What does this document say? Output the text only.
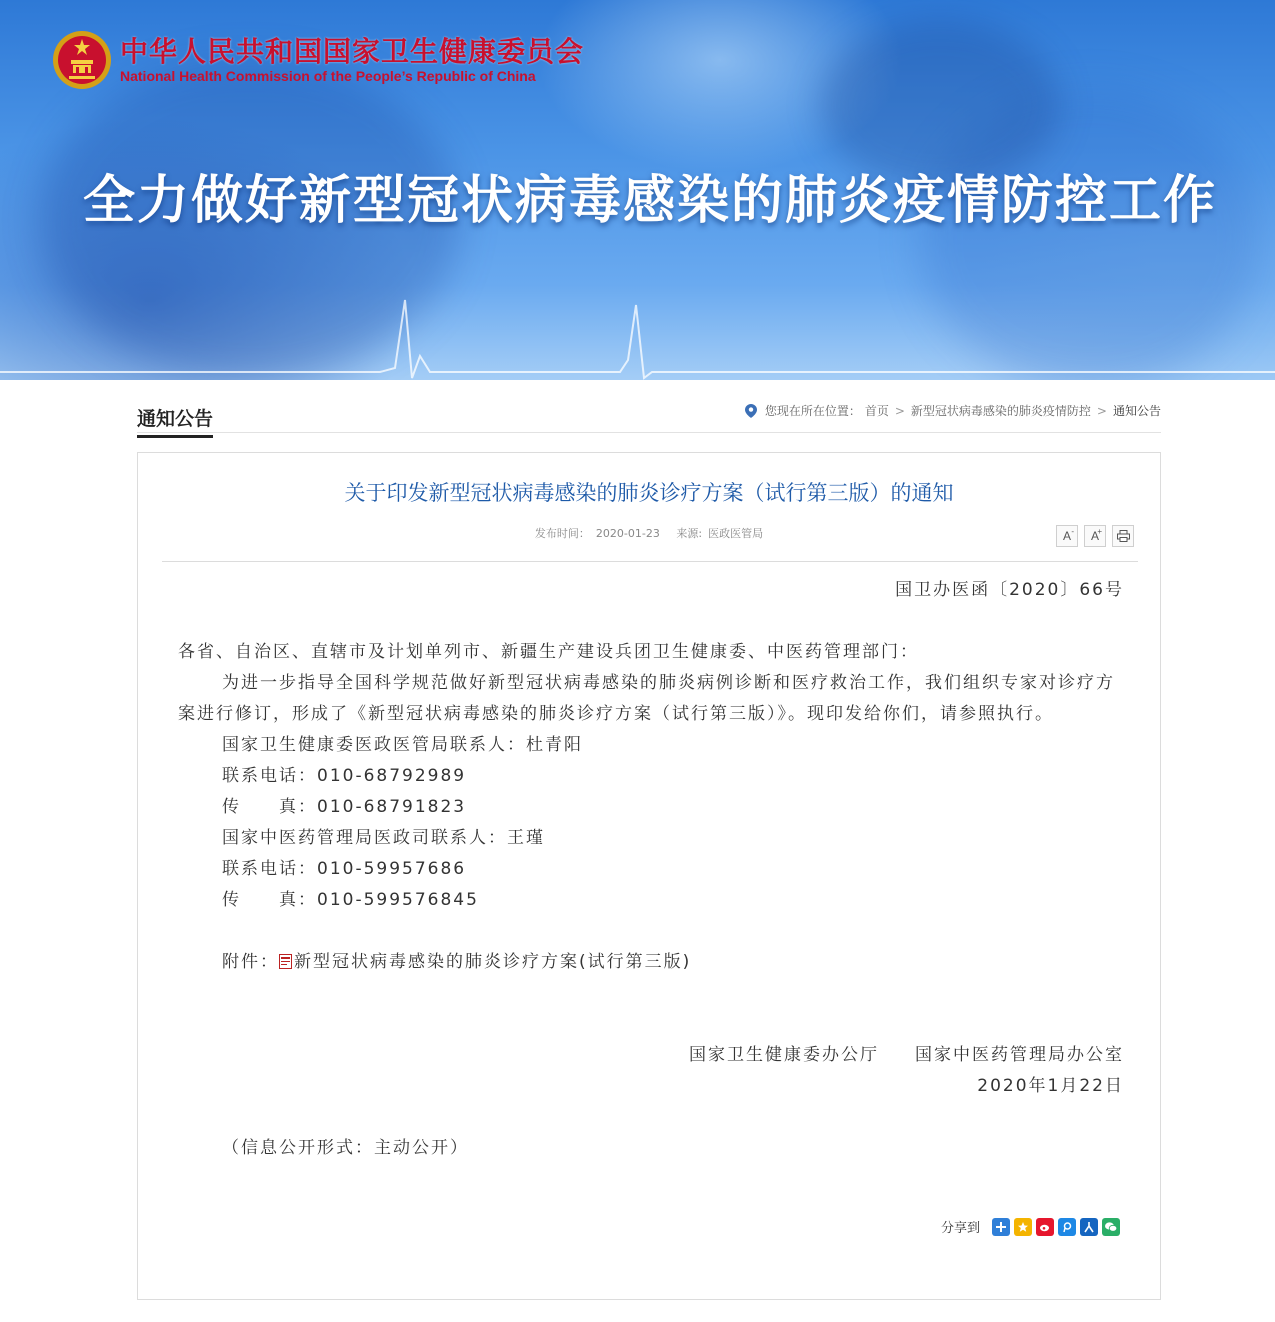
中华人民共和国国家卫生健康委员会

National Health Commission of the People’s Republic of China

全力做好新型冠状病毒感染的肺炎疫情防控工作
通知公告	您现在所在位置： 首页 > 新型冠状病毒感染的肺炎疫情防控 > 通知公告
关于印发新型冠状病毒感染的肺炎诊疗方案（试行第三版）的通知
发布时间： 2020-01-23 来源: 医政医管局	A- A
+

国卫办医函〔2020〕66号

各省、自治区、直辖市及计划单列市、新疆生产建设兵团卫生健康委、中医药管理部门：

为进一步指导全国科学规范做好新型冠状病毒感染的肺炎病例诊断和医疗救治工作，我们组织专家对诊疗方案进行修订，形成了《新型冠状病毒感染的肺炎诊疗方案（试行第三版）》。现印发给你们，请参照执行。

国家卫生健康委医政医管局联系人：杜青阳

联系电话：010-68792989

传　　真：010-68791823

国家中医药管理局医政司联系人：王瑾

联系电话：010-59957686

传　　真：010-599576845

附件： 新型冠状病毒感染的肺炎诊疗方案(试行第三版)

国家卫生健康委办公厅 国家中医药管理局办公室

2020年1月22日

（信息公开形式：主动公开）

分享到
